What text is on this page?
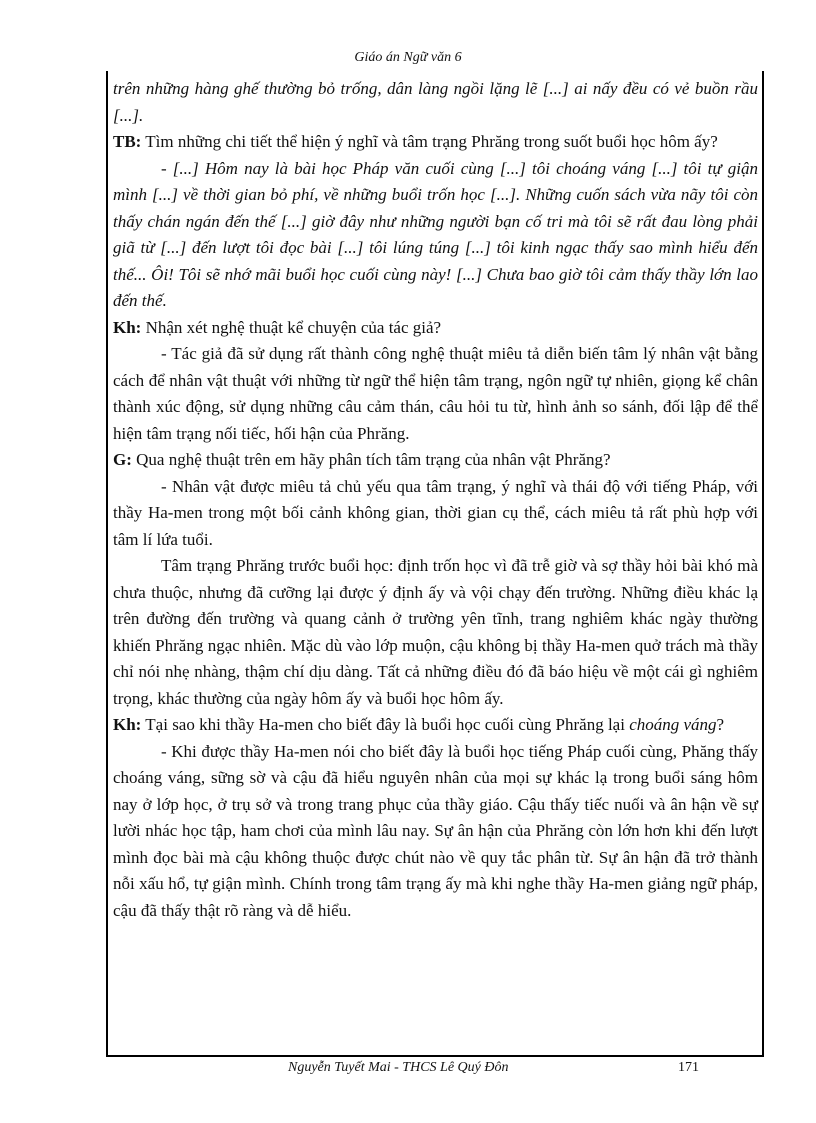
Giáo án Ngữ văn 6

trên những hàng ghế thường bỏ trống, dân làng ngồi lặng lẽ [...] ai nấy đều có vẻ buồn rầu [...].

TB: Tìm những chi tiết thể hiện ý nghĩ và tâm trạng Phrăng trong suốt buổi học hôm ấy?

- [...] Hôm nay là bài học Pháp văn cuối cùng [...] tôi choáng váng [...] tôi tự giận mình [...] về thời gian bỏ phí, về những buổi trốn học [...]. Những cuốn sách vừa nãy tôi còn thấy chán ngán đến thế [...] giờ đây như những người bạn cố tri mà tôi sẽ rất đau lòng phải giã từ [...] đến lượt tôi đọc bài [...] tôi lúng túng [...] tôi kinh ngạc thấy sao mình hiểu đến thế... Ôi! Tôi sẽ nhớ mãi buổi học cuối cùng này! [...] Chưa bao giờ tôi cảm thấy thầy lớn lao đến thế.

Kh: Nhận xét nghệ thuật kể chuyện của tác giả?

- Tác giả đã sử dụng rất thành công nghệ thuật miêu tả diễn biến tâm lý nhân vật bằng cách để nhân vật thuật với những từ ngữ thể hiện tâm trạng, ngôn ngữ tự nhiên, giọng kể chân thành xúc động, sử dụng những câu cảm thán, câu hỏi tu từ, hình ảnh so sánh, đối lập để thể hiện tâm trạng nối tiếc, hối hận của Phrăng.

G: Qua nghệ thuật trên em hãy phân tích tâm trạng của nhân vật Phrăng?

- Nhân vật được miêu tả chủ yếu qua tâm trạng, ý nghĩ và thái độ với tiếng Pháp, với thầy Ha-men trong một bối cảnh không gian, thời gian cụ thể, cách miêu tả rất phù hợp với tâm lí lứa tuổi.

Tâm trạng Phrăng trước buổi học: định trốn học vì đã trễ giờ và sợ thầy hỏi bài khó mà chưa thuộc, nhưng đã cưỡng lại được ý định ấy và vội chạy đến trường. Những điều khác lạ trên đường đến trường và quang cảnh ở trường yên tĩnh, trang nghiêm khác ngày thường khiến Phrăng ngạc nhiên. Mặc dù vào lớp muộn, cậu không bị thầy Ha-men quở trách mà thầy chỉ nói nhẹ nhàng, thậm chí dịu dàng. Tất cả những điều đó đã báo hiệu về một cái gì nghiêm trọng, khác thường của ngày hôm ấy và buổi học hôm ấy.

Kh: Tại sao khi thầy Ha-men cho biết đây là buổi học cuối cùng Phrăng lại choáng váng?

- Khi được thầy Ha-men nói cho biết đây là buổi học tiếng Pháp cuối cùng, Phăng thấy choáng váng, sững sờ và cậu đã hiểu nguyên nhân của mọi sự khác lạ trong buổi sáng hôm nay ở lớp học, ở trụ sở và trong trang phục của thầy giáo. Cậu thấy tiếc nuối và ân hận về sự lười nhác học tập, ham chơi của mình lâu nay. Sự ân hận của Phrăng còn lớn hơn khi đến lượt mình đọc bài mà cậu không thuộc được chút nào về quy tắc phân từ. Sự ân hận đã trở thành nỗi xấu hổ, tự giận mình. Chính trong tâm trạng ấy mà khi nghe thầy Ha-men giảng ngữ pháp, cậu đã thấy thật rõ ràng và dễ hiểu.

Nguyễn Tuyết Mai - THCS Lê Quý Đôn	171
